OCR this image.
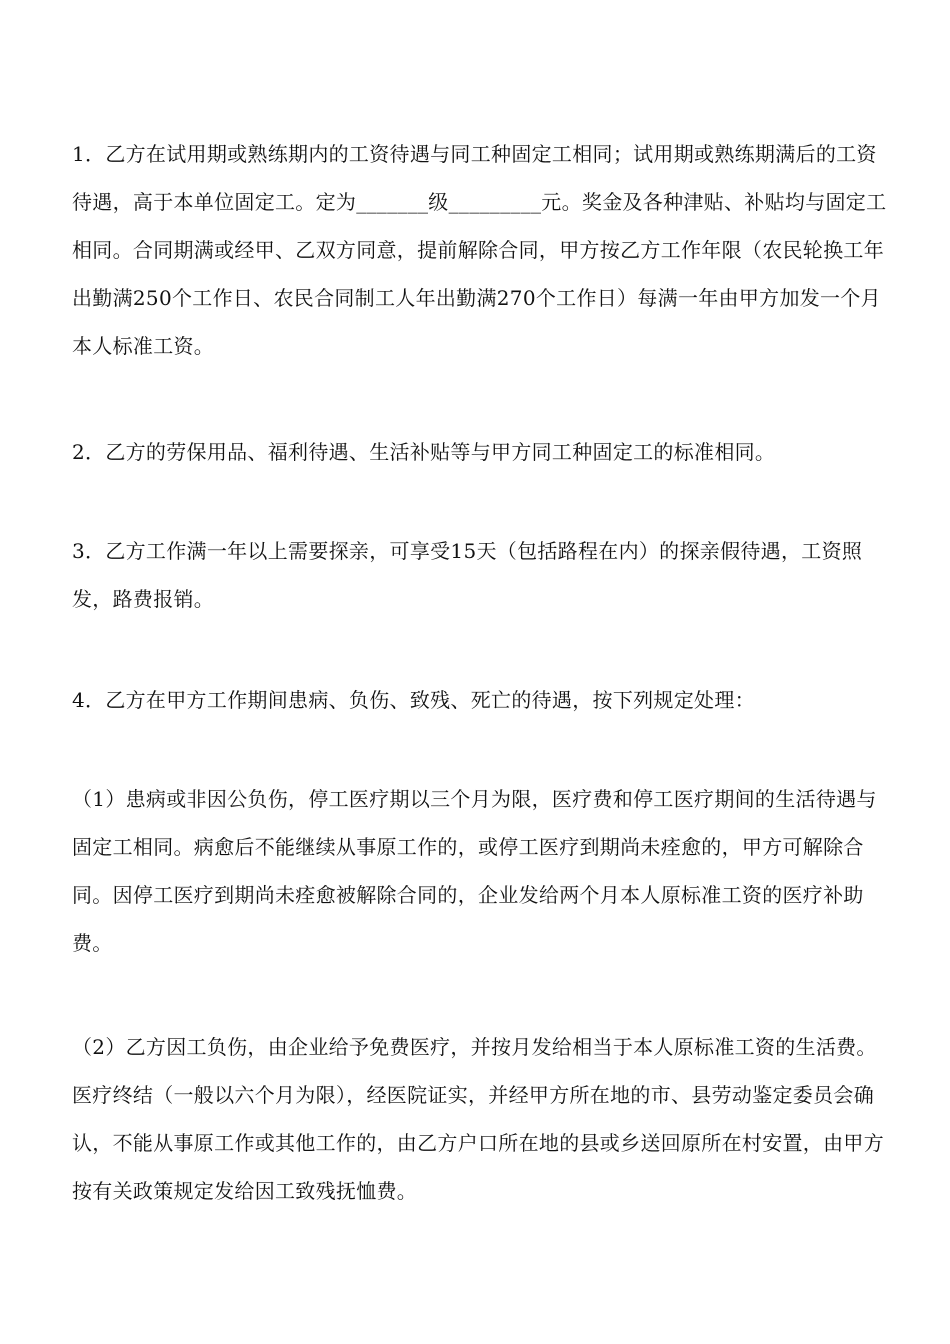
1．乙方在试用期或熟练期内的工资待遇与同工种固定工相同；试用期或熟练期满后的工资待遇，高于本单位固定工。定为_______级_________元。奖金及各种津贴、补贴均与固定工相同。合同期满或经甲、乙双方同意，提前解除合同，甲方按乙方工作年限（农民轮换工年出勤满250个工作日、农民合同制工人年出勤满270个工作日）每满一年由甲方加发一个月本人标准工资。
2．乙方的劳保用品、福利待遇、生活补贴等与甲方同工种固定工的标准相同。
3．乙方工作满一年以上需要探亲，可享受15天（包括路程在内）的探亲假待遇，工资照发，路费报销。
4．乙方在甲方工作期间患病、负伤、致残、死亡的待遇，按下列规定处理：
（1）患病或非因公负伤，停工医疗期以三个月为限，医疗费和停工医疗期间的生活待遇与固定工相同。病愈后不能继续从事原工作的，或停工医疗到期尚未痊愈的，甲方可解除合同。因停工医疗到期尚未痊愈被解除合同的，企业发给两个月本人原标准工资的医疗补助费。
（2）乙方因工负伤，由企业给予免费医疗，并按月发给相当于本人原标准工资的生活费。医疗终结（一般以六个月为限），经医院证实，并经甲方所在地的市、县劳动鉴定委员会确认，不能从事原工作或其他工作的，由乙方户口所在地的县或乡送回原所在村安置，由甲方按有关政策规定发给因工致残抚恤费。
